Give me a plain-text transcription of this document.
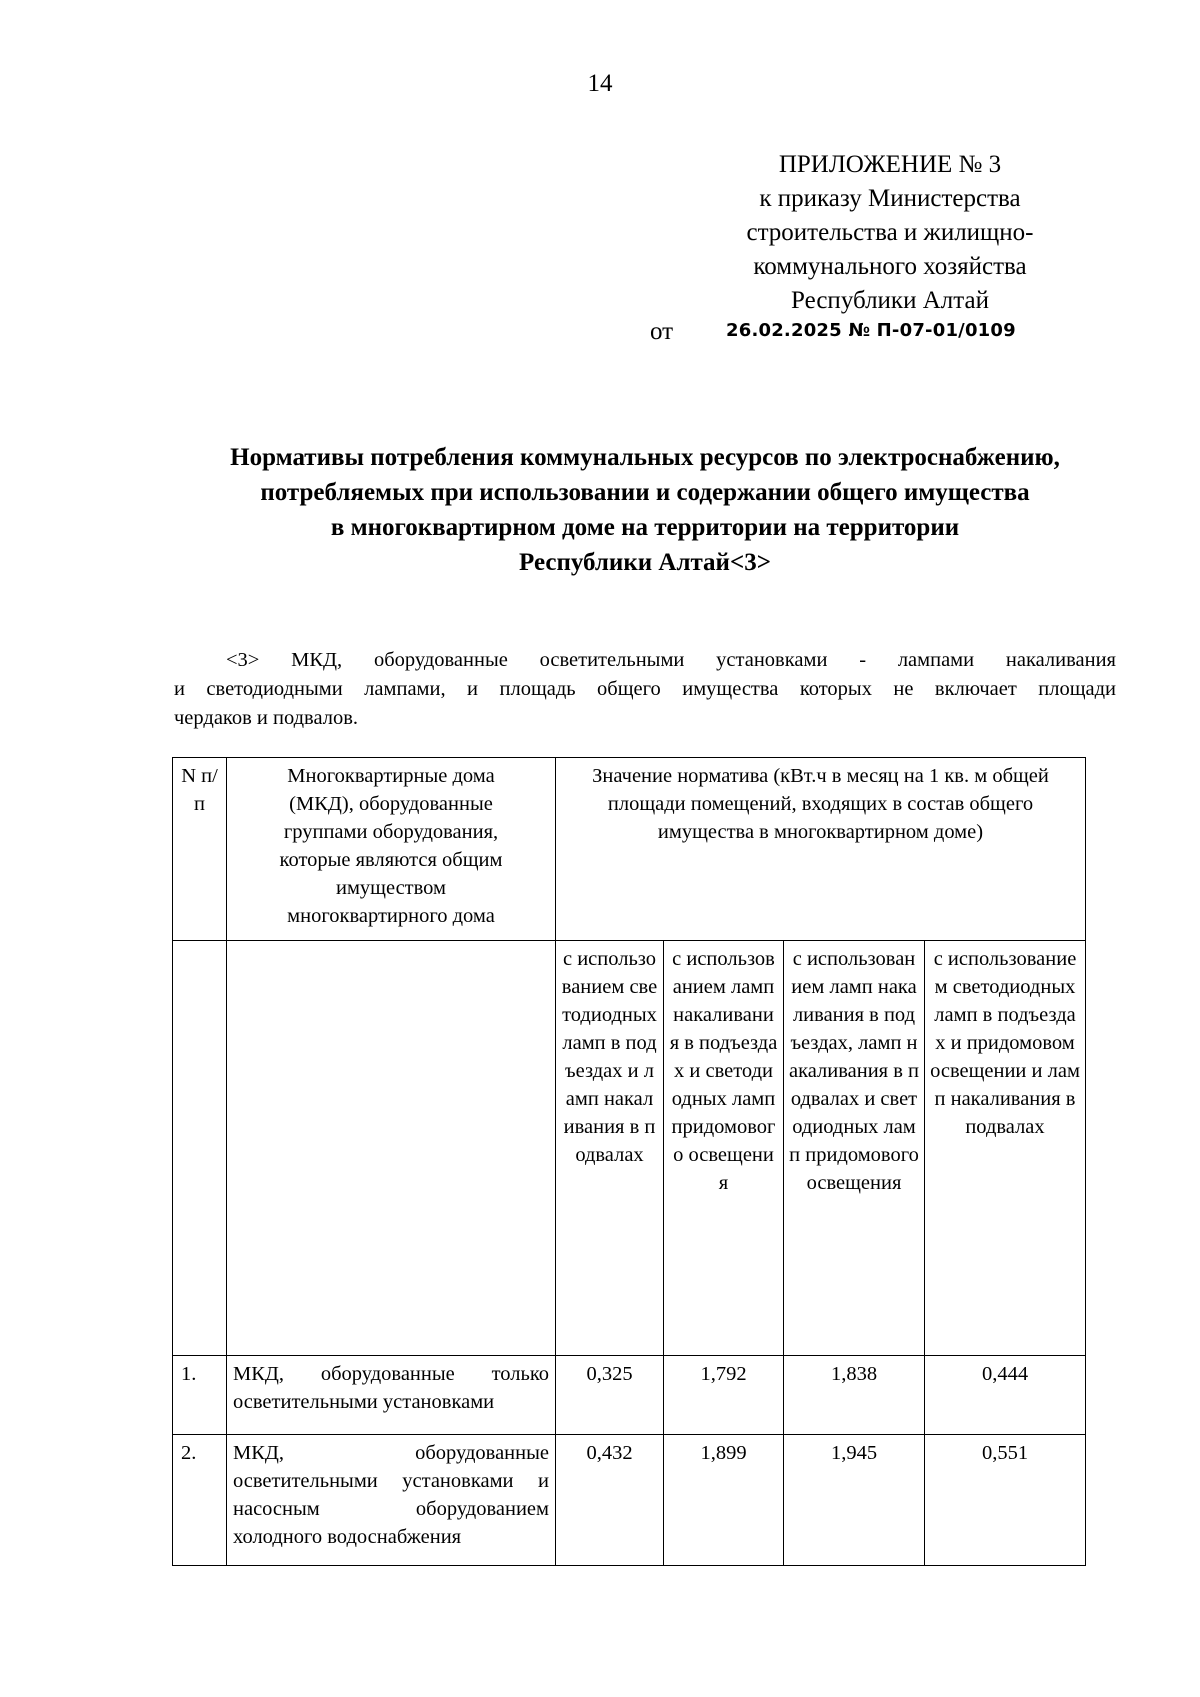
14
ПРИЛОЖЕНИЕ № 3
к приказу Министерства
строительства и жилищно-
коммунального хозяйства
Республики Алтай
от	26.02.2025 № П-07-01/0109
Нормативы потребления коммунальных ресурсов по электроснабжению,
потребляемых при использовании и содержании общего имущества
в многоквартирном доме на территории на территории
Республики Алтай<3>
<3> МКД, оборудованные осветительными установками - лампами накаливания
и светодиодными лампами, и площадь общего имущества которых не включает площади
чердаков и подвалов.
N п/п	Многоквартирные дома (МКД), оборудованные группами оборудования, которые являются общим имуществом многоквартирного дома	Значение норматива (кВт.ч в месяц на 1 кв. м общей площади помещений, входящих в состав общего имущества в многоквартирном доме)			
		с использованием светодиодных ламп в подъездах и ламп накаливания в подвалах	с использованием ламп накаливания в подъездах и светодиодных ламп придомового освещения	с использованием ламп накаливания в подъездах, ламп накаливания в подвалах и светодиодных ламп придомового освещения	с использованием светодиодных ламп в подъездах и придомовом освещении и ламп накаливания в подвалах
1.	МКД, оборудованные только осветительными установками	0,325	1,792	1,838	0,444
2.	МКД, оборудованные осветительными установками и насосным оборудованием холодного водоснабжения	0,432	1,899	1,945	0,551
